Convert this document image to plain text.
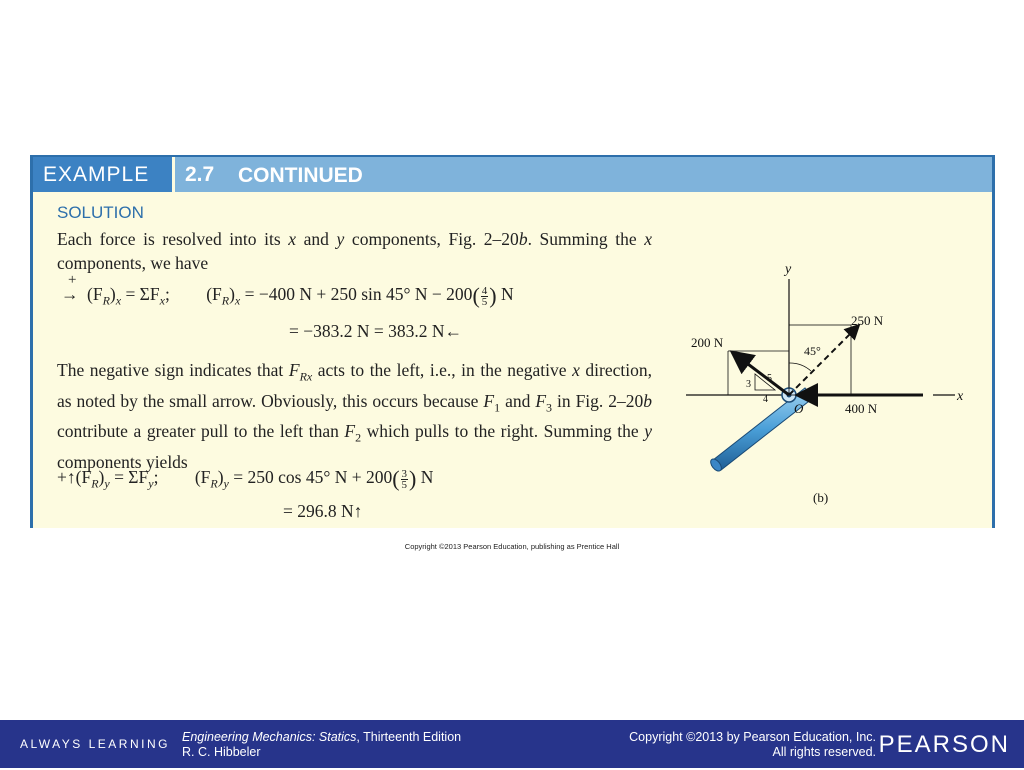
EXAMPLE	2.7 CONTINUED
SOLUTION
Each force is resolved into its x and y components, Fig. 2–20b. Summing the x components, we have
+
→ $(F_R)_x = \Sigma F_x$; $(F_R)_x = -400$ N + 250 sin 45° $N - 200( \frac{4}{5}$ ) N
= −383.2 N = 383.2 N←
The negative sign indicates that $F_{Rx}$ acts to the left, i.e., in the negative x direction, as noted by the small arrow. Obviously, this occurs because $F_1$ and $F_3$ in Fig. 2–20b contribute a greater pull to the left than $F_2$ which pulls to the right. Summing the y components yields
$+↑(F_R)_y = \Sigma F_y$; $(F_R)_y = 250$ cos 45° $N + 200( \frac{3}{5}$ ) N
= 296.8 N↑
y
x
O
200 N
5
3
4
45°
250 N
400 N
(b)
Copyright ©2013 Pearson Education, publishing as Prentice Hall
ALWAYS LEARNING Engineering Mechanics: Statics, Thirteenth Edition
R. C. Hibbeler
Copyright ©2013 by Pearson Education, Inc.
All rights reserved. PEARSON
